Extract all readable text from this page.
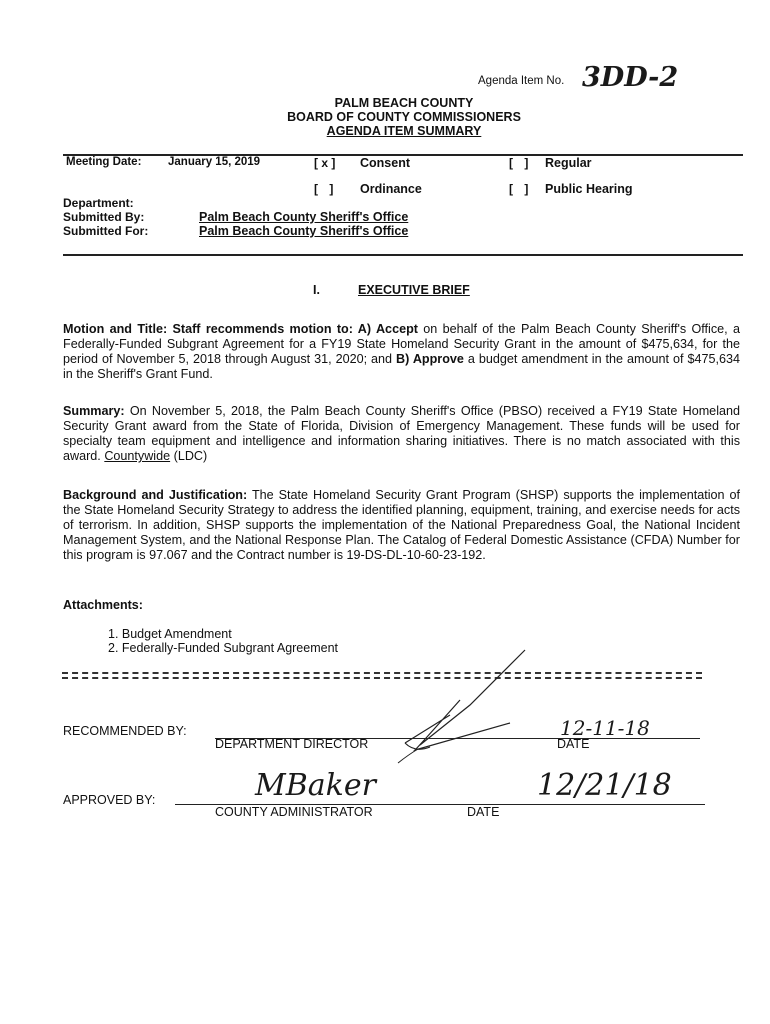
Agenda Item No. 3DD-2
PALM BEACH COUNTY
BOARD OF COUNTY COMMISSIONERS
AGENDA ITEM SUMMARY
Meeting Date: January 15, 2019	[ x ] Consent	[ ] Regular
[ ] Ordinance	[ ] Public Hearing
Department:
Submitted By:	Palm Beach County Sheriff's Office
Submitted For:	Palm Beach County Sheriff's Office
I.	EXECUTIVE BRIEF

Motion and Title: Staff recommends motion to: A) Accept on behalf of the Palm Beach County Sheriff's Office, a Federally-Funded Subgrant Agreement for a FY19 State Homeland Security Grant in the amount of $475,634, for the period of November 5, 2018 through August 31, 2020; and B) Approve a budget amendment in the amount of $475,634 in the Sheriff's Grant Fund.

Summary: On November 5, 2018, the Palm Beach County Sheriff's Office (PBSO) received a FY19 State Homeland Security Grant award from the State of Florida, Division of Emergency Management. These funds will be used for specialty team equipment and intelligence and information sharing initiatives. There is no match associated with this award. Countywide (LDC)

Background and Justification: The State Homeland Security Grant Program (SHSP) supports the implementation of the State Homeland Security Strategy to address the identified planning, equipment, training, and exercise needs for acts of terrorism. In addition, SHSP supports the implementation of the National Preparedness Goal, the National Incident Management System, and the National Response Plan. The Catalog of Federal Domestic Assistance (CFDA) Number for this program is 97.067 and the Contract number is 19-DS-DL-10-60-23-192.

Attachments:
1. Budget Amendment
2. Federally-Funded Subgrant Agreement
RECOMMENDED BY:
DEPARTMENT DIRECTOR	DATE
12-11-18
APPROVED BY:
COUNTY ADMINISTRATOR	DATE
MBaker	12/21/18
